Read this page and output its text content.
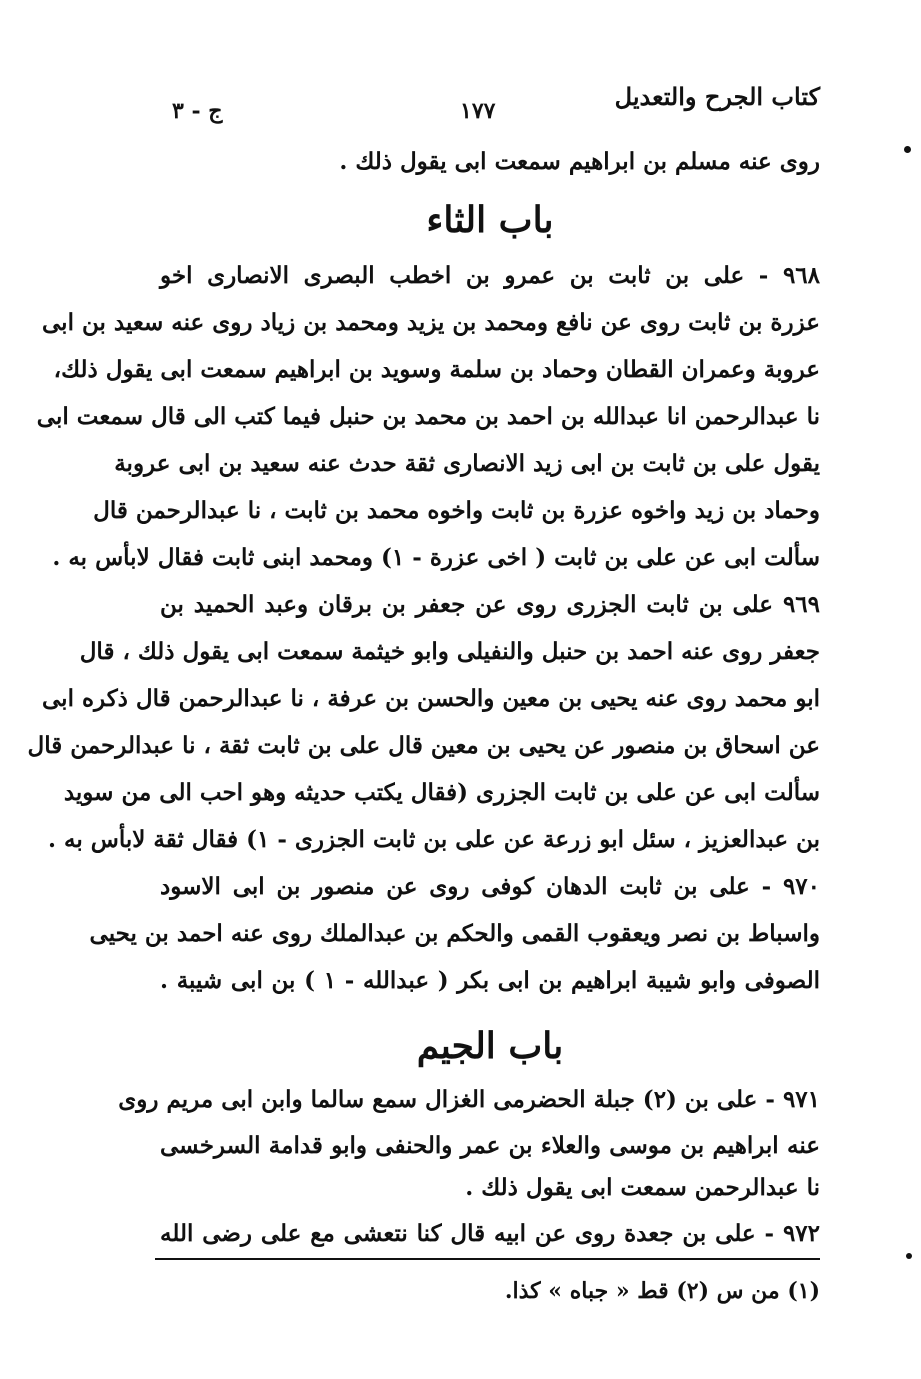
كتاب الجرح والتعديل
١٧٧
ج - ٣
روى عنه مسلم بن ابراهيم سمعت ابى يقول ذلك .
باب الثاء
٩٦٨ - على بن ثابت بن عمرو بن اخطب البصرى الانصارى اخو
عزرة بن ثابت روى عن نافع ومحمد بن يزيد ومحمد بن زياد روى عنه سعيد بن ابى
عروبة وعمران القطان وحماد بن سلمة وسويد بن ابراهيم سمعت ابى يقول ذلك،
نا عبدالرحمن انا عبدالله بن احمد بن محمد بن حنبل فيما كتب الى قال سمعت ابى
يقول على بن ثابت بن ابى زيد الانصارى ثقة حدث عنه سعيد بن ابى عروبة
وحماد بن زيد واخوه عزرة بن ثابت واخوه محمد بن ثابت ، نا عبدالرحمن قال
سألت ابى عن على بن ثابت ( اخى عزرة - ١) ومحمد ابنى ثابت فقال لابأس به .
٩٦٩ على بن ثابت الجزرى روى عن جعفر بن برقان وعبد الحميد بن
جعفر روى عنه احمد بن حنبل والنفيلى وابو خيثمة سمعت ابى يقول ذلك ، قال
ابو محمد روى عنه يحيى بن معين والحسن بن عرفة ، نا عبدالرحمن قال ذكره ابى
عن اسحاق بن منصور عن يحيى بن معين قال على بن ثابت ثقة ، نا عبدالرحمن قال
سألت ابى عن على بن ثابت الجزرى (فقال يكتب حديثه وهو احب الى من سويد
بن عبدالعزيز ، سئل ابو زرعة عن على بن ثابت الجزرى - ١) فقال ثقة لابأس به .
٩٧٠ - على بن ثابت الدهان كوفى روى عن منصور بن ابى الاسود
واسباط بن نصر ويعقوب القمى والحكم بن عبدالملك روى عنه احمد بن يحيى
الصوفى وابو شيبة ابراهيم بن ابى بكر ( عبدالله - ١ ) بن ابى شيبة .
باب الجيم
٩٧١ - على بن (٢) جبلة الحضرمى الغزال سمع سالما وابن ابى مريم روى
عنه ابراهيم بن موسى والعلاء بن عمر والحنفى وابو قدامة السرخسى
نا عبدالرحمن سمعت ابى يقول ذلك .
٩٧٢ - على بن جعدة روى عن ابيه قال كنا نتعشى مع على رضى الله
(١) من س (٢) قط « جباه » كذا.
